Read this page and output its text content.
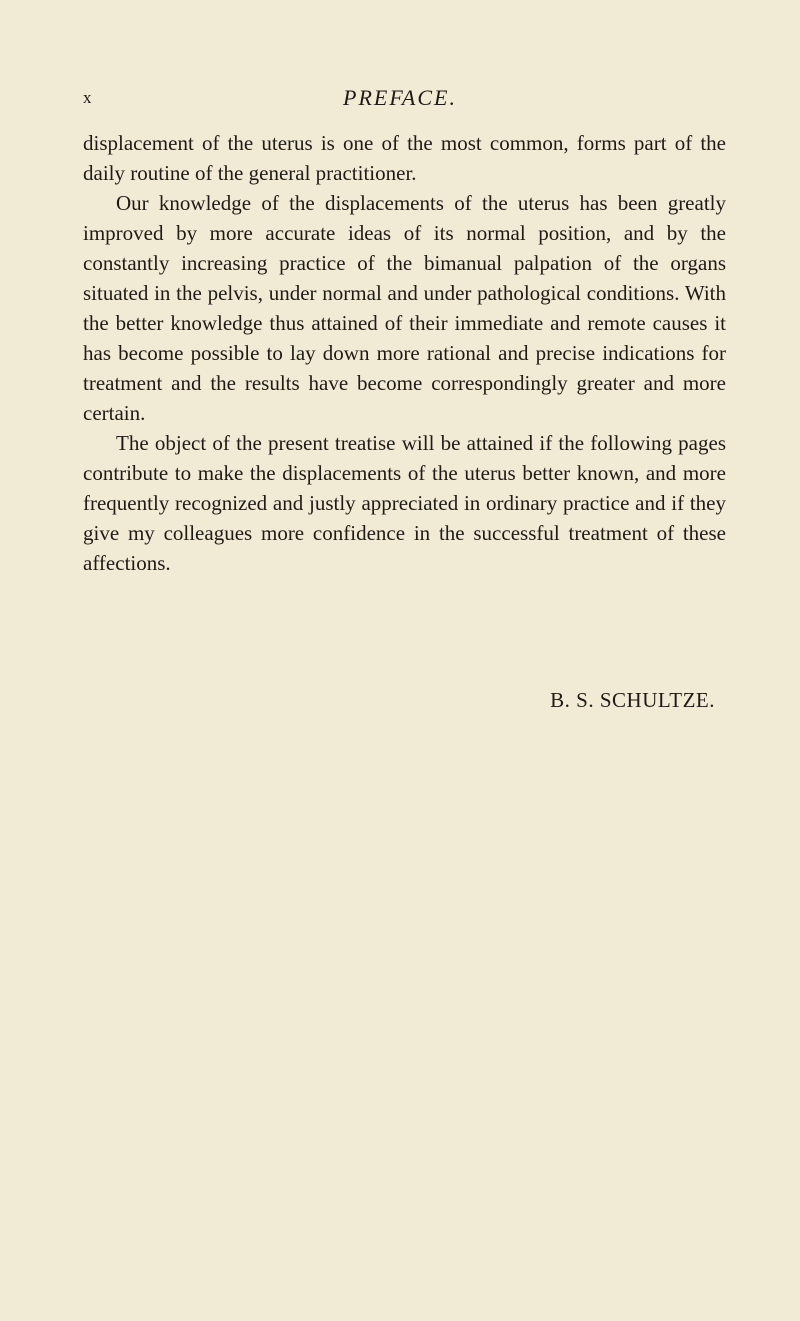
x	PREFACE.

displacement of the uterus is one of the most common, forms part of the daily routine of the general practitioner.

Our knowledge of the displacements of the uterus has been greatly improved by more accurate ideas of its normal position, and by the constantly increasing practice of the bimanual palpation of the organs situated in the pelvis, under normal and under pathological conditions. With the better knowledge thus attained of their immediate and remote causes it has become possible to lay down more rational and precise indications for treatment and the results have become correspondingly greater and more certain.

The object of the present treatise will be attained if the following pages contribute to make the displacements of the uterus better known, and more frequently recognized and justly appreciated in ordinary practice and if they give my colleagues more confidence in the successful treatment of these affections.

B. S. SCHULTZE.
